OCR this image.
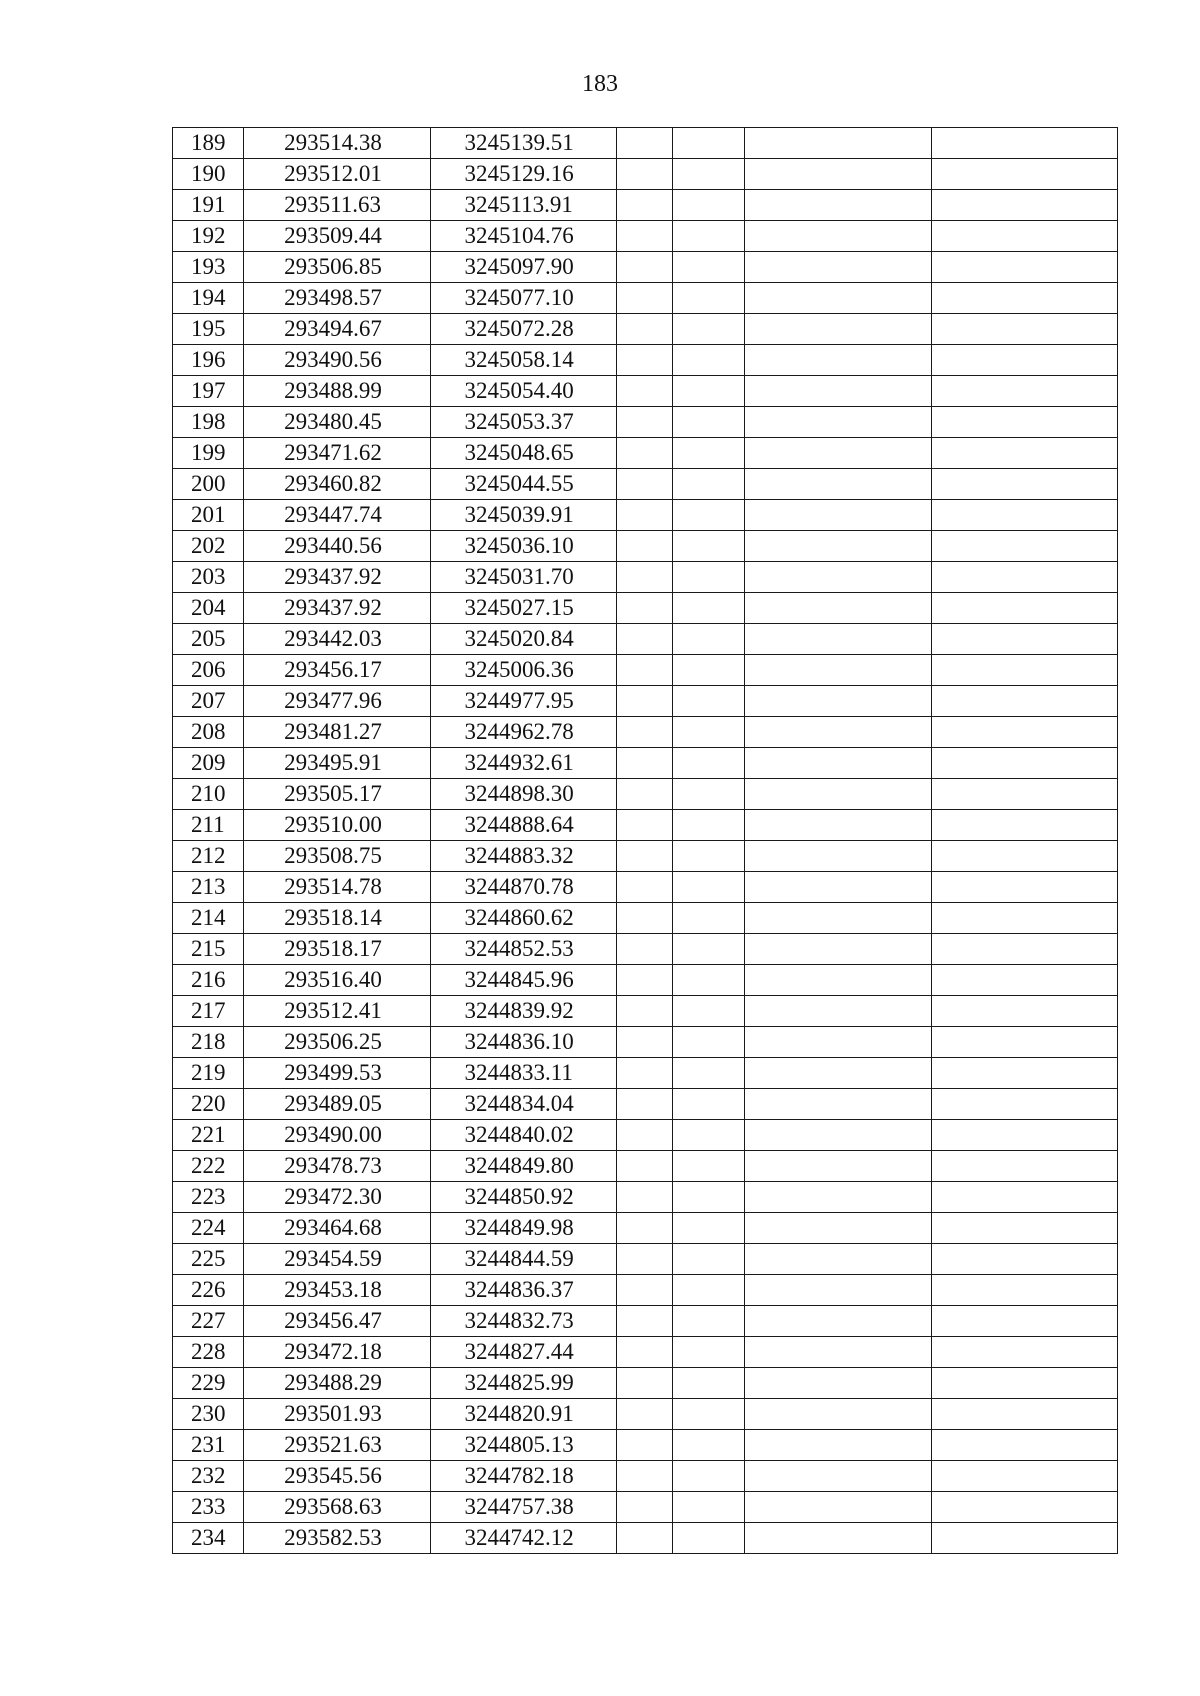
183
189	293514.38	3245139.51				
190	293512.01	3245129.16				
191	293511.63	3245113.91				
192	293509.44	3245104.76				
193	293506.85	3245097.90				
194	293498.57	3245077.10				
195	293494.67	3245072.28				
196	293490.56	3245058.14				
197	293488.99	3245054.40				
198	293480.45	3245053.37				
199	293471.62	3245048.65				
200	293460.82	3245044.55				
201	293447.74	3245039.91				
202	293440.56	3245036.10				
203	293437.92	3245031.70				
204	293437.92	3245027.15				
205	293442.03	3245020.84				
206	293456.17	3245006.36				
207	293477.96	3244977.95				
208	293481.27	3244962.78				
209	293495.91	3244932.61				
210	293505.17	3244898.30				
211	293510.00	3244888.64				
212	293508.75	3244883.32				
213	293514.78	3244870.78				
214	293518.14	3244860.62				
215	293518.17	3244852.53				
216	293516.40	3244845.96				
217	293512.41	3244839.92				
218	293506.25	3244836.10				
219	293499.53	3244833.11				
220	293489.05	3244834.04				
221	293490.00	3244840.02				
222	293478.73	3244849.80				
223	293472.30	3244850.92				
224	293464.68	3244849.98				
225	293454.59	3244844.59				
226	293453.18	3244836.37				
227	293456.47	3244832.73				
228	293472.18	3244827.44				
229	293488.29	3244825.99				
230	293501.93	3244820.91				
231	293521.63	3244805.13				
232	293545.56	3244782.18				
233	293568.63	3244757.38				
234	293582.53	3244742.12				
